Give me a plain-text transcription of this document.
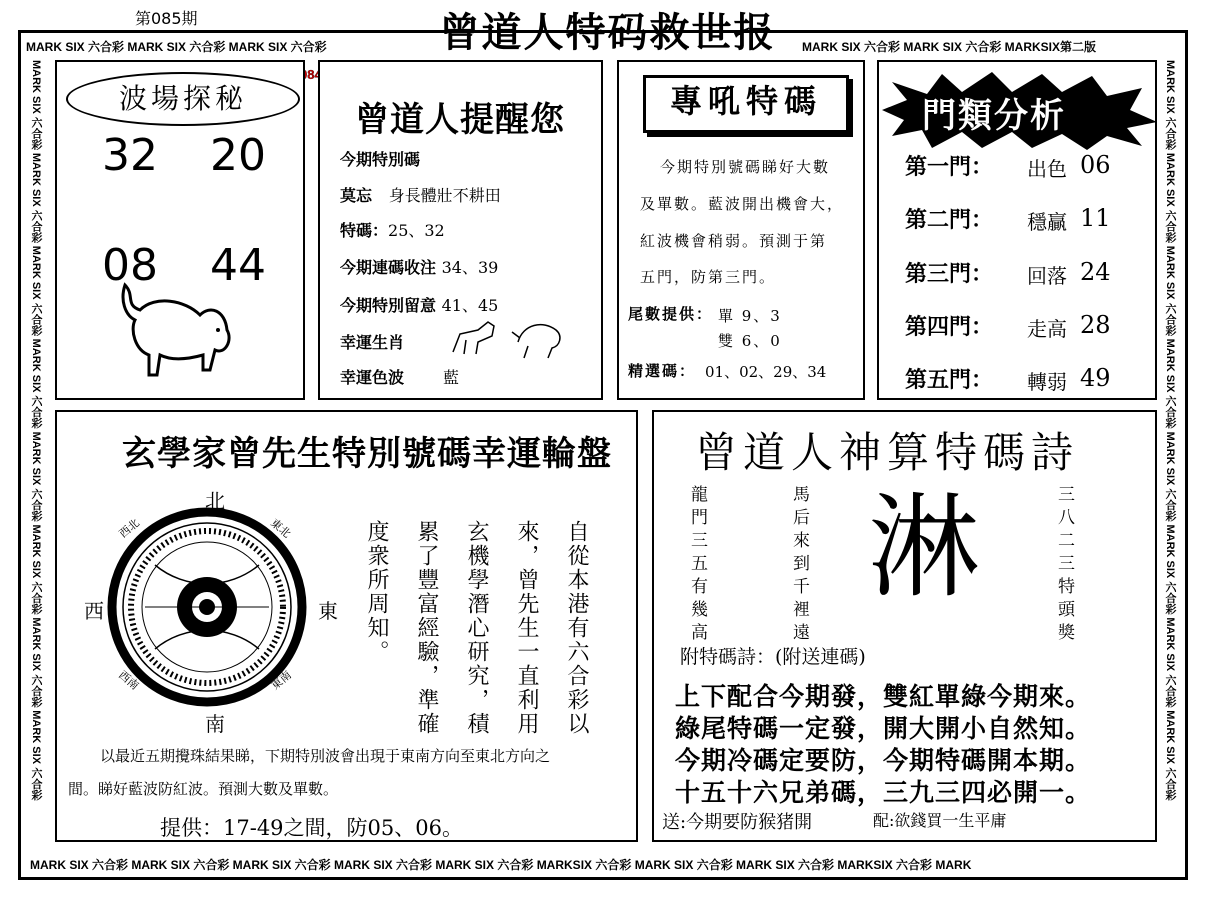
第085期	曾道人特码救世报
MARK SIX 六合彩 MARK SIX 六合彩 MARK SIX 六合彩	MARK SIX 六合彩 MARK SIX 六合彩 MARKSIX第二版
MARK SIX 六合彩 MARK SIX 六合彩 MARK SIX 六合彩 MARK SIX 六合彩 MARK SIX 六合彩 MARKSIX 六合彩 MARK SIX 六合彩 MARK SIX 六合彩 MARKSIX 六合彩 MARK
MARK SIX 六合彩 MARK SIX 六合彩 MARK SIX 六合彩 MARK SIX 六合彩 MARK SIX 六合彩 MARK SIX 六合彩 MARK SIX 六合彩 MARK SIX 六合彩	MARK SIX 六合彩 MARK SIX 六合彩 MARK SIX 六合彩 MARK SIX 六合彩 MARK SIX 六合彩 MARK SIX 六合彩 MARK SIX 六合彩 MARK SIX 六合彩
波場探秘
32 20
08 44
曾道人提醒您
今期特別碼
莫忘 身長體壯不耕田
特碼：25、32
今期連碼收注 34、39
今期特別留意 41、45
幸運生肖
幸運色波 藍
專吼特碼
今期特別號碼睇好大數
及單數。藍波開出機會大，
紅波機會稍弱。預測于第
五門，防第三門。
尾數提供： 單 9、3
雙 6、0
精選碼： 01、02、29、34
門類分析
第一門： 出色 06
第二門： 穩贏 11
第三門： 回落 24
第四門： 走高 28
第五門： 轉弱 49
玄學家曾先生特別號碼幸運輪盤
北
南
東
西
西北	東北
西南	東南	自從本港有六合彩以
來，曾先生一直利用
玄機學潛心研究，積
累了豐富經驗，準確
度衆所周知。
以最近五期攪珠結果睇，下期特別波會出現于東南方向至東北方向之
間。睇好藍波防紅波。預測大數及單數。
提供：17-49之間，防05、06。
曾道人神算特碼詩
龍門三五有幾高	馬后來到千裡遠	三八二三特頭獎
淋
附特碼詩：(附送連碼)
上下配合今期發，雙紅單綠今期來。
綠尾特碼一定發，開大開小自然知。
今期冷碼定要防，今期特碼開本期。
十五十六兄弟碼，三九三四必開一。
送:今期要防猴猪開	配:欲錢買一生平庸
